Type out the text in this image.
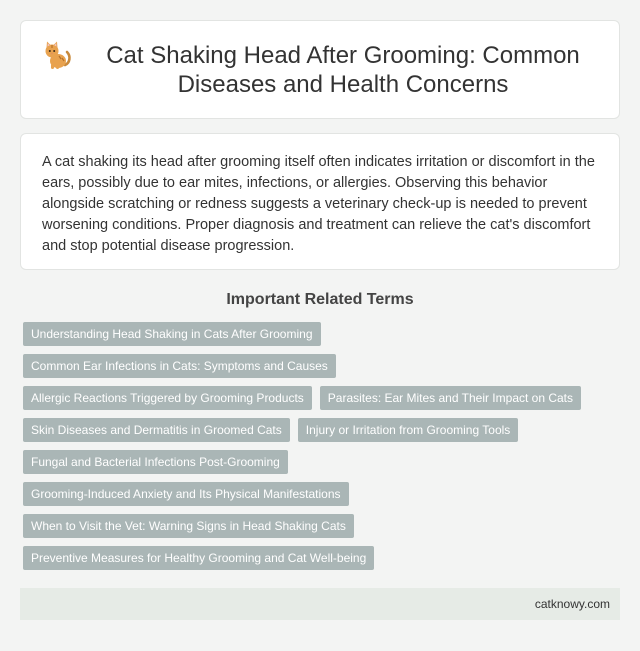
Cat Shaking Head After Grooming: Common Diseases and Health Concerns

A cat shaking its head after grooming itself often indicates irritation or discomfort in the ears, possibly due to ear mites, infections, or allergies. Observing this behavior alongside scratching or redness suggests a veterinary check-up is needed to prevent worsening conditions. Proper diagnosis and treatment can relieve the cat's discomfort and stop potential disease progression.

Important Related Terms
Understanding Head Shaking in Cats After Grooming
Common Ear Infections in Cats: Symptoms and Causes
Allergic Reactions Triggered by Grooming Products	Parasites: Ear Mites and Their Impact on Cats
Skin Diseases and Dermatitis in Groomed Cats	Injury or Irritation from Grooming Tools
Fungal and Bacterial Infections Post-Grooming
Grooming-Induced Anxiety and Its Physical Manifestations
When to Visit the Vet: Warning Signs in Head Shaking Cats
Preventive Measures for Healthy Grooming and Cat Well-being
catknowy.com
